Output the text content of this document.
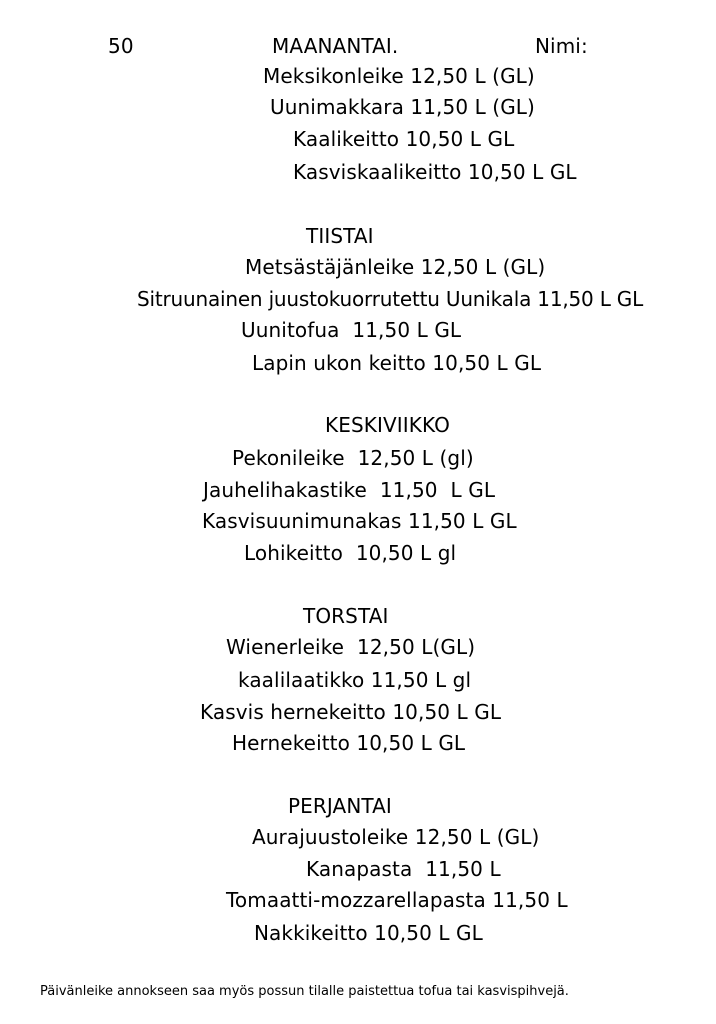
50	MAANANTAI.	Nimi:
Meksikonleike 12,50 L (GL)
Uunimakkara 11,50 L (GL)
Kaalikeitto 10,50 L GL
Kasviskaalikeitto 10,50 L GL
TIISTAI
Metsästäjänleike 12,50 L (GL)
Sitruunainen juustokuorrutettu Uunikala 11,50 L GL
Uunitofua  11,50 L GL
Lapin ukon keitto 10,50 L GL
KESKIVIIKKO
Pekonileike  12,50 L (gl)
Jauhelihakastike  11,50  L GL
Kasvisuunimunakas 11,50 L GL
Lohikeitto  10,50 L gl
TORSTAI
Wienerleike  12,50 L(GL)
kaalilaatikko 11,50 L gl
Kasvis hernekeitto 10,50 L GL
Hernekeitto 10,50 L GL
PERJANTAI
Aurajuustoleike 12,50 L (GL)
Kanapasta  11,50 L
Tomaatti-mozzarellapasta 11,50 L
Nakkikeitto 10,50 L GL
Päivänleike annokseen saa myös possun tilalle paistettua tofua tai kasvispihvejä.
